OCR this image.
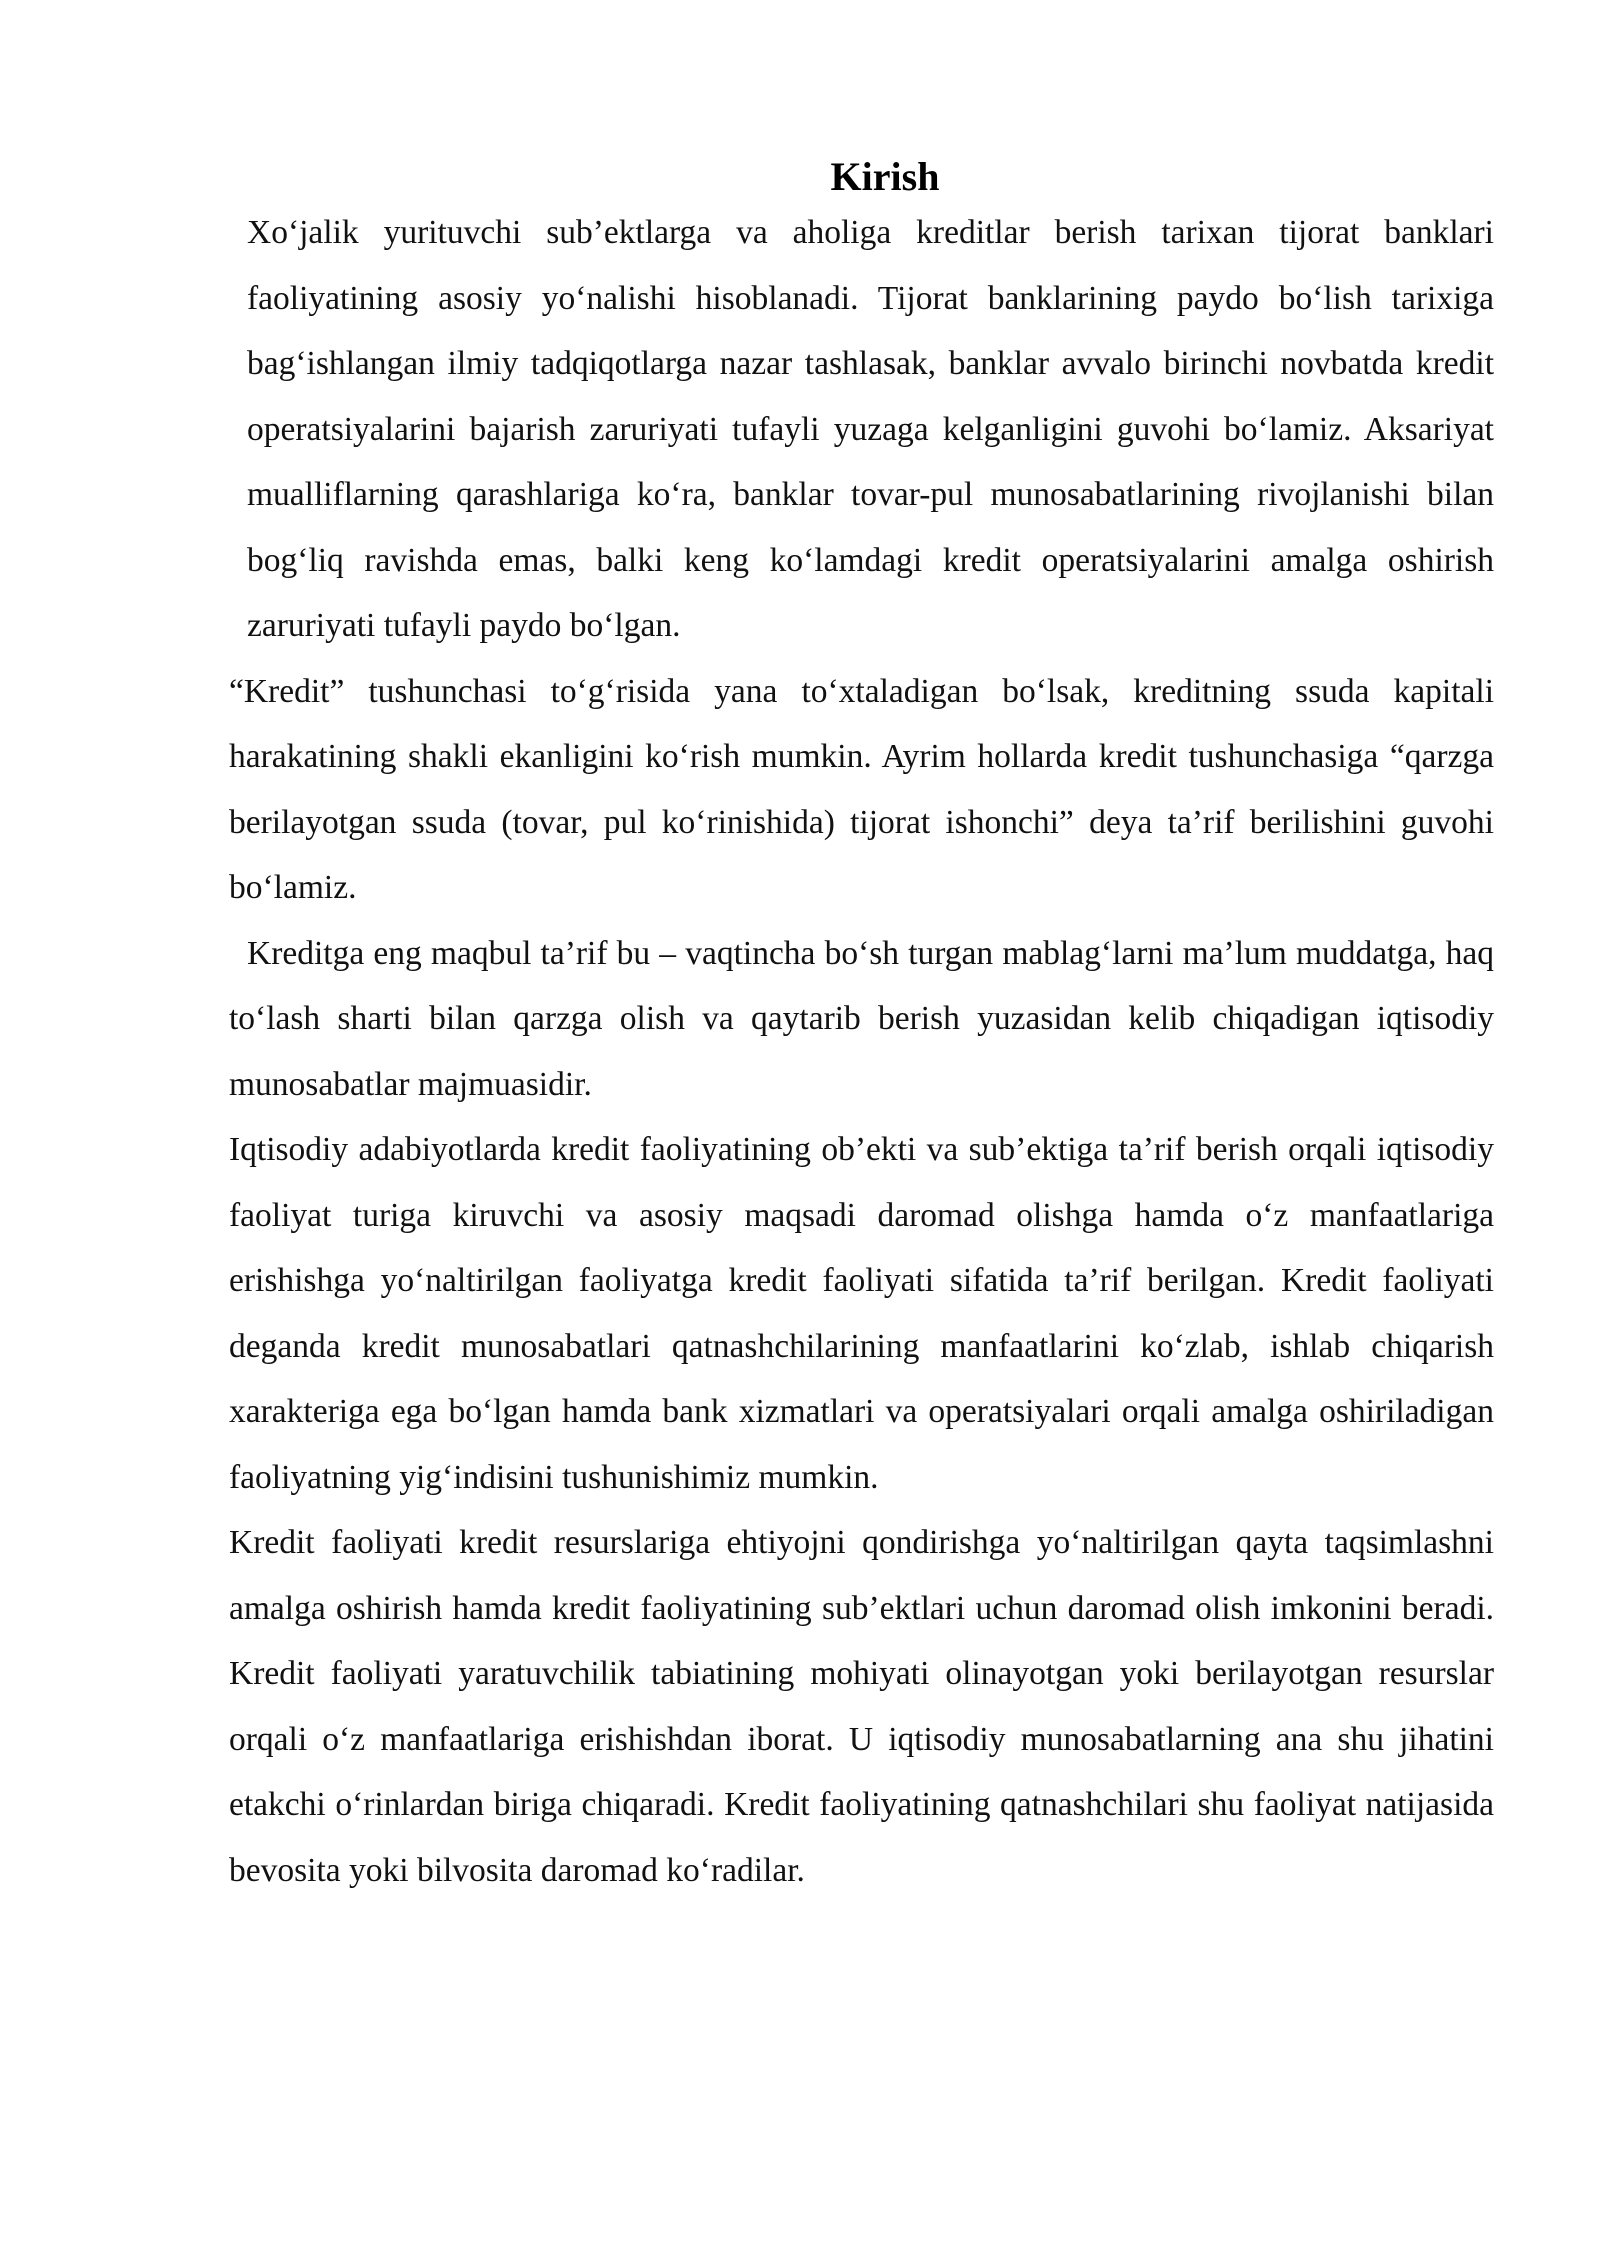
Kirish

Xo‘jalik yurituvchi sub’ektlarga va aholiga kreditlar berish tarixan tijorat banklari faoliyatining asosiy yo‘nalishi hisoblanadi. Tijorat banklarining paydo bo‘lish tarixiga bag‘ishlangan ilmiy tadqiqotlarga nazar tashlasak, banklar avvalo birinchi novbatda kredit operatsiyalarini bajarish zaruriyati tufayli yuzaga kelganligini guvohi bo‘lamiz. Aksariyat mualliflarning qarashlariga ko‘ra, banklar tovar-pul munosabatlarining rivojlanishi bilan bog‘liq ravishda emas, balki keng ko‘lamdagi kredit operatsiyalarini amalga oshirish zaruriyati tufayli paydo bo‘lgan.

“Kredit” tushunchasi to‘g‘risida yana to‘xtaladigan bo‘lsak, kreditning ssuda kapitali harakatining shakli ekanligini ko‘rish mumkin. Ayrim hollarda kredit tushunchasiga “qarzga berilayotgan ssuda (tovar, pul ko‘rinishida) tijorat ishonchi” deya ta’rif berilishini guvohi bo‘lamiz.

Kreditga eng maqbul ta’rif bu – vaqtincha bo‘sh turgan mablag‘larni ma’lum muddatga, haq to‘lash sharti bilan qarzga olish va qaytarib berish yuzasidan kelib chiqadigan iqtisodiy munosabatlar majmuasidir.

Iqtisodiy adabiyotlarda kredit faoliyatining ob’ekti va sub’ektiga ta’rif berish orqali iqtisodiy faoliyat turiga kiruvchi va asosiy maqsadi daromad olishga hamda o‘z manfaatlariga erishishga yo‘naltirilgan faoliyatga kredit faoliyati sifatida ta’rif berilgan. Kredit faoliyati deganda kredit munosabatlari qatnashchilarining manfaatlarini ko‘zlab, ishlab chiqarish xarakteriga ega bo‘lgan hamda bank xizmatlari va operatsiyalari orqali amalga oshiriladigan faoliyatning yig‘indisini tushunishimiz mumkin.

Kredit faoliyati kredit resurslariga ehtiyojni qondirishga yo‘naltirilgan qayta taqsimlashni amalga oshirish hamda kredit faoliyatining sub’ektlari uchun daromad olish imkonini beradi. Kredit faoliyati yaratuvchilik tabiatining mohiyati olinayotgan yoki berilayotgan resurslar orqali o‘z manfaatlariga erishishdan iborat. U iqtisodiy munosabatlarning ana shu jihatini etakchi o‘rinlardan biriga chiqaradi. Kredit faoliyatining qatnashchilari shu faoliyat natijasida bevosita yoki bilvosita daromad ko‘radilar.
